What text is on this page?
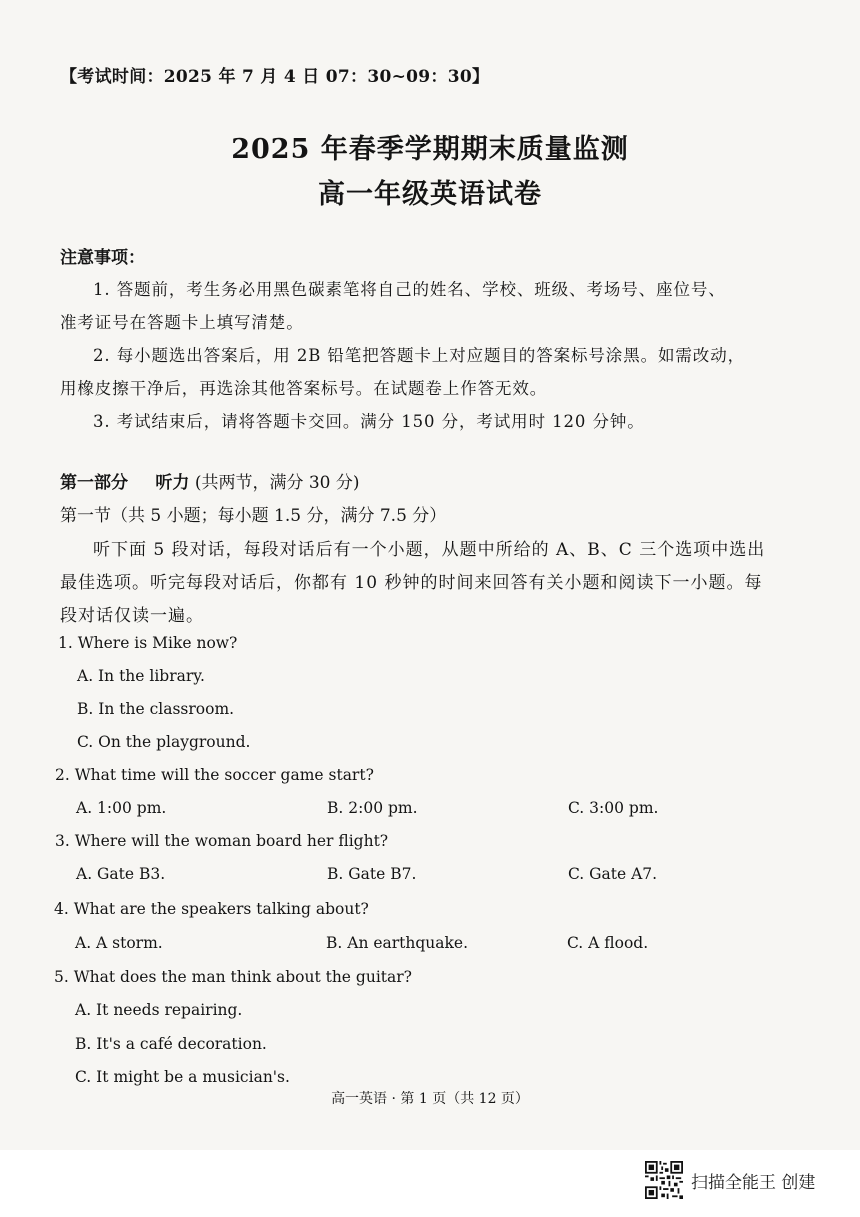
【考试时间：2025 年 7 月 4 日 07：30~09：30】
2025 年春季学期期末质量监测
高一年级英语试卷
注意事项：
1. 答题前，考生务必用黑色碳素笔将自己的姓名、学校、班级、考场号、座位号、
准考证号在答题卡上填写清楚。
2. 每小题选出答案后，用 2B 铅笔把答题卡上对应题目的答案标号涂黑。如需改动，
用橡皮擦干净后，再选涂其他答案标号。在试题卷上作答无效。
3. 考试结束后，请将答题卡交回。满分 150 分，考试用时 120 分钟。
第一部分 听力 (共两节，满分 30 分)
第一节（共 5 小题；每小题 1.5 分，满分 7.5 分）
听下面 5 段对话，每段对话后有一个小题，从题中所给的 A、B、C 三个选项中选出
最佳选项。听完每段对话后，你都有 10 秒钟的时间来回答有关小题和阅读下一小题。每
段对话仅读一遍。
1. Where is Mike now?
A. In the library.
B. In the classroom.
C. On the playground.
2. What time will the soccer game start?
A. 1:00 pm.	B. 2:00 pm.	C. 3:00 pm.
3. Where will the woman board her flight?
A. Gate B3.	B. Gate B7.	C. Gate A7.
4. What are the speakers talking about?
A. A storm.	B. An earthquake.	C. A flood.
5. What does the man think about the guitar?
A. It needs repairing.
B. It's a café decoration.
C. It might be a musician's.
高一英语 · 第 1 页（共 12 页）
扫描全能王 创建
